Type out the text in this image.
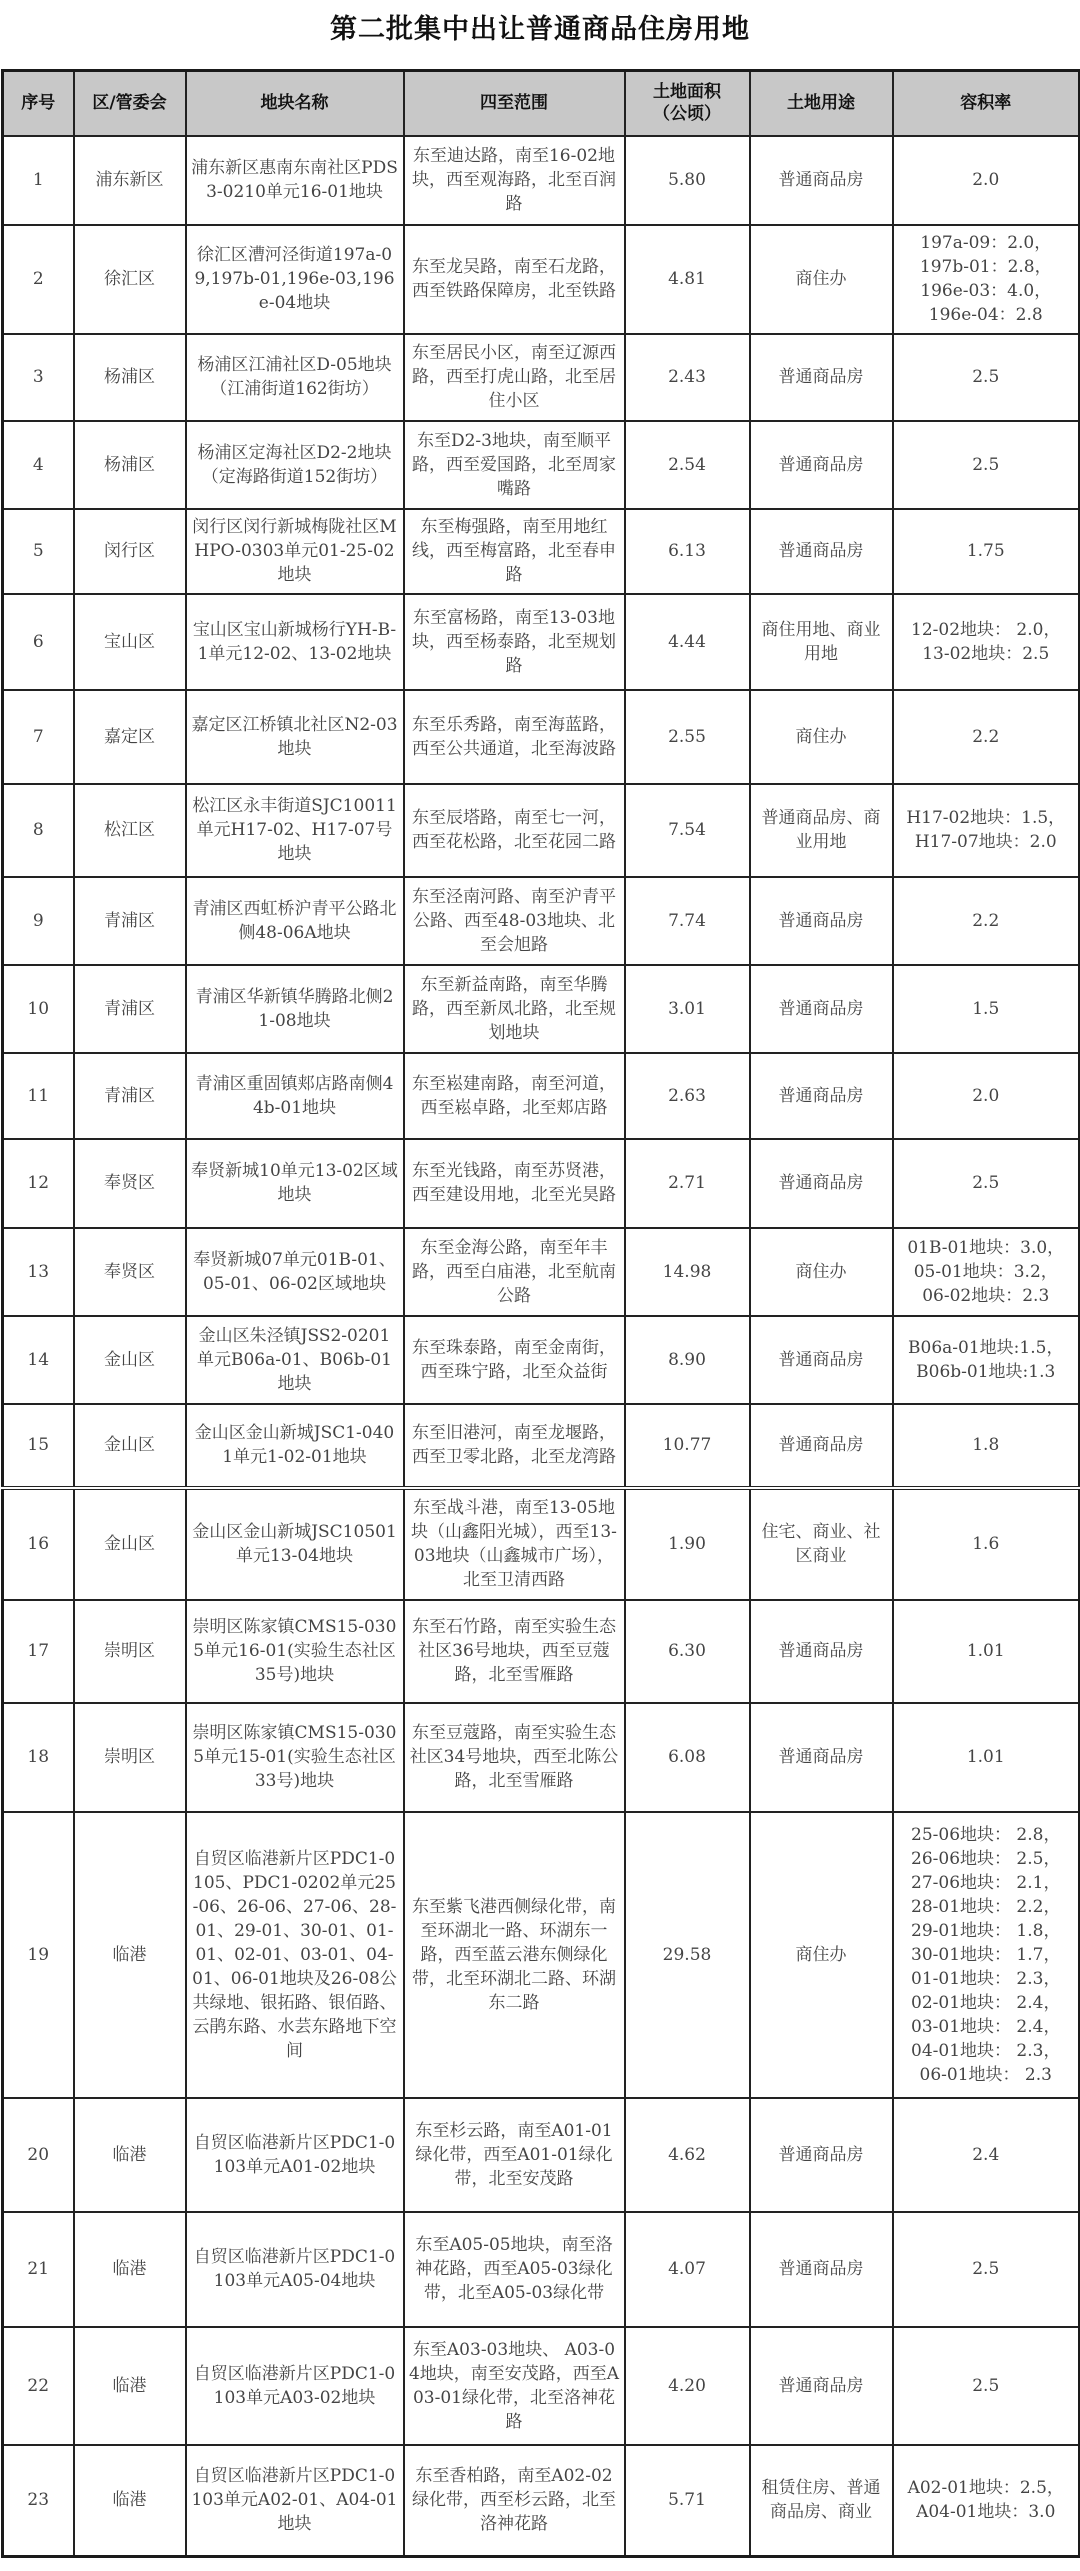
第二批集中出让普通商品住房用地
序号	区/管委会	地块名称	四至范围	土地面积
（公顷）	土地用途	容积率
1	浦东新区	浦东新区惠南东南社区PDS3-0210单元16-01地块	东至迪达路，南至16-02地块，西至观海路，北至百润路	5.80	普通商品房	2.0

2	徐汇区	徐汇区漕河泾街道197a-09,197b-01,196e-03,196e-04地块	东至龙吴路，南至石龙路，西至铁路保障房，北至铁路	4.81	商住办	197a-09：2.0，
197b-01：2.8，
196e-03：4.0，
196e-04：2.8

3	杨浦区	杨浦区江浦社区D-05地块（江浦街道162街坊）	东至居民小区，南至辽源西路，西至打虎山路，北至居住小区	2.43	普通商品房	2.5

4	杨浦区	杨浦区定海社区D2-2地块（定海路街道152街坊）	东至D2-3地块，南至顺平路，西至爱国路，北至周家嘴路	2.54	普通商品房	2.5

5	闵行区	闵行区闵行新城梅陇社区MHPO-0303单元01-25-02地块	东至梅强路，南至用地红线，西至梅富路，北至春申路	6.13	普通商品房	1.75

6	宝山区	宝山区宝山新城杨行YH-B-1单元12-02、13-02地块	东至富杨路，南至13-03地块，西至杨泰路，北至规划路	4.44	商住用地、商业用地	12-02地块： 2.0，
13-02地块：2.5

7	嘉定区	嘉定区江桥镇北社区N2-03地块	东至乐秀路，南至海蓝路，西至公共通道，北至海波路	2.55	商住办	2.2

8	松江区	松江区永丰街道SJC10011单元H17-02、H17-07号地块	东至辰塔路，南至七一河，西至花松路，北至花园二路	7.54	普通商品房、商业用地	H17-02地块：1.5，
H17-07地块：2.0

9	青浦区	青浦区西虹桥沪青平公路北侧48-06A地块	东至泾南河路、南至沪青平公路、西至48-03地块、北至会旭路	7.74	普通商品房	2.2

10	青浦区	青浦区华新镇华腾路北侧21-08地块	东至新益南路，南至华腾路，西至新凤北路，北至规划地块	3.01	普通商品房	1.5

11	青浦区	青浦区重固镇郏店路南侧44b-01地块	东至崧建南路，南至河道，西至崧卓路，北至郏店路	2.63	普通商品房	2.0

12	奉贤区	奉贤新城10单元13-02区域地块	东至光钱路，南至苏贤港，西至建设用地，北至光昊路	2.71	普通商品房	2.5

13	奉贤区	奉贤新城07单元01B-01、05-01、06-02区域地块	东至金海公路，南至年丰路，西至白庙港，北至航南公路	14.98	商住办	01B-01地块：3.0，
05-01地块：3.2，
06-02地块：2.3

14	金山区	金山区朱泾镇JSS2-0201单元B06a-01、B06b-01地块	东至珠泰路，南至金南街，西至珠宁路，北至众益街	8.90	普通商品房	B06a-01地块:1.5，
B06b-01地块:1.3

15	金山区	金山区金山新城JSC1-0401单元1-02-01地块	东至旧港河，南至龙堰路，西至卫零北路，北至龙湾路	10.77	普通商品房	1.8

16	金山区	金山区金山新城JSC10501单元13-04地块	东至战斗港，南至13-05地块（山鑫阳光城），西至13-03地块（山鑫城市广场），北至卫清西路	1.90	住宅、商业、社区商业	1.6

17	崇明区	崇明区陈家镇CMS15-0305单元16-01(实验生态社区35号)地块	东至石竹路，南至实验生态社区36号地块，西至豆蔻路，北至雪雁路	6.30	普通商品房	1.01

18	崇明区	崇明区陈家镇CMS15-0305单元15-01(实验生态社区33号)地块	东至豆蔻路，南至实验生态社区34号地块，西至北陈公路，北至雪雁路	6.08	普通商品房	1.01

19	临港	自贸区临港新片区PDC1-0105、PDC1-0202单元25-06、26-06、27-06、28-01、29-01、30-01、01-01、02-01、03-01、04-01、06-01地块及26-08公共绿地、银拓路、银佰路、云鹃东路、水芸东路地下空间	东至紫飞港西侧绿化带，南至环湖北一路、环湖东一路，西至蓝云港东侧绿化带，北至环湖北二路、环湖东二路	29.58	商住办	
25-06地块： 2.8，
26-06地块： 2.5，
27-06地块： 2.1，
28-01地块： 2.2，
29-01地块： 1.8，
30-01地块： 1.7，
01-01地块： 2.3，
02-01地块： 2.4，
03-01地块： 2.4，
04-01地块： 2.3，
06-01地块： 2.3

20	临港	自贸区临港新片区PDC1-0103单元A01-02地块	东至杉云路，南至A01-01绿化带，西至A01-01绿化带，北至安茂路	4.62	普通商品房	2.4

21	临港	自贸区临港新片区PDC1-0103单元A05-04地块	东至A05-05地块，南至洛神花路，西至A05-03绿化带，北至A05-03绿化带	4.07	普通商品房	2.5

22	临港	自贸区临港新片区PDC1-0103单元A03-02地块	东至A03-03地块、 A03-04地块，南至安茂路，西至A03-01绿化带，北至洛神花路	4.20	普通商品房	2.5

23	临港	自贸区临港新片区PDC1-0103单元A02-01、A04-01地块	东至香柏路，南至A02-02绿化带，西至杉云路，北至洛神花路	5.71	租赁住房、普通商品房、商业	A02-01地块：2.5，
A04-01地块：3.0
